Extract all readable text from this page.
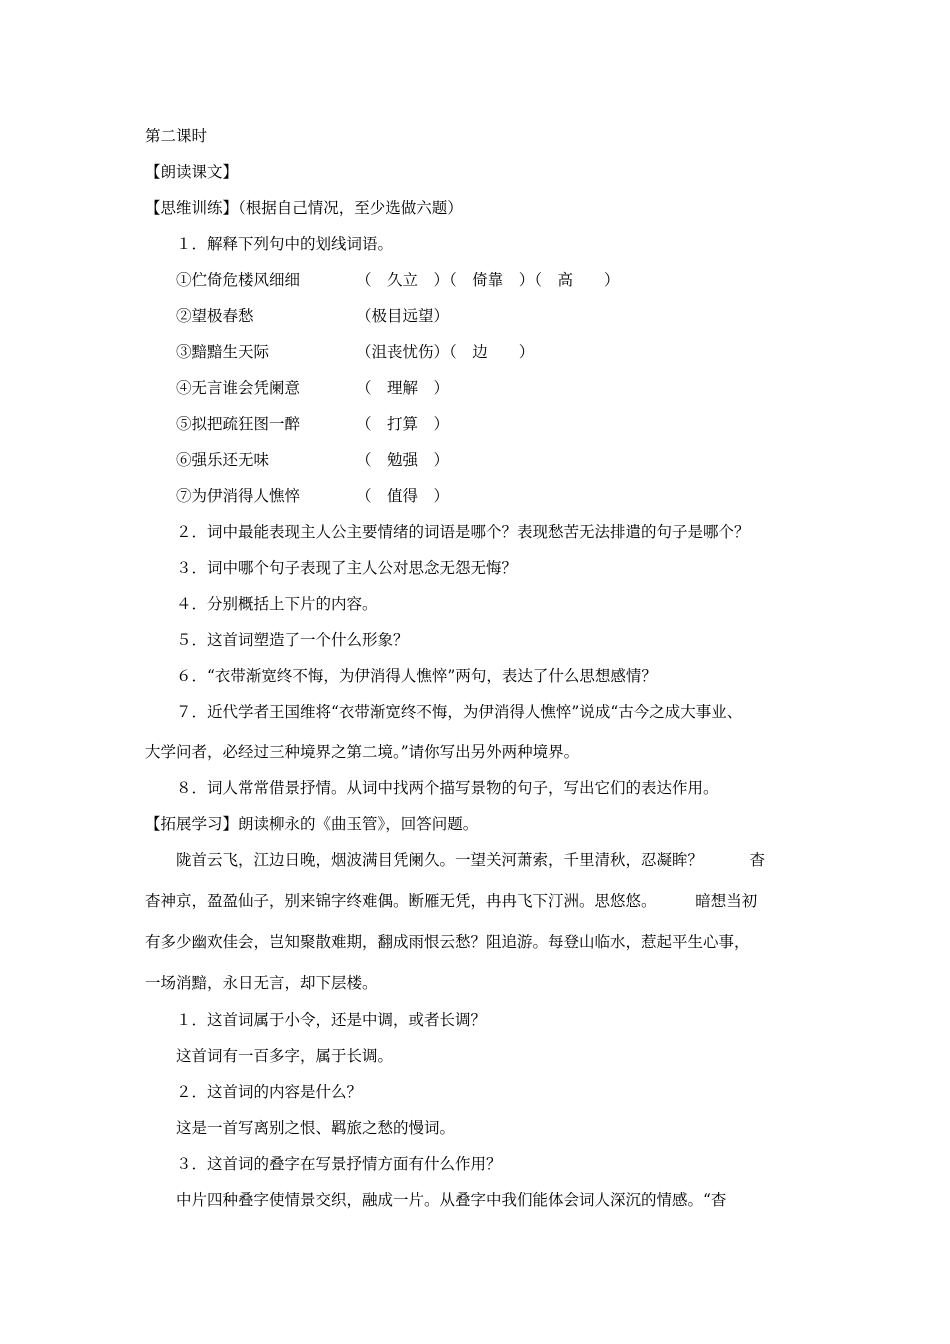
第二课时
【朗读课文】
【思维训练】（根据自己情况，至少选做六题）
１．解释下列句中的划线词语。
①伫倚危楼风细细	（　久立　）（　倚靠　）（　高　　）
②望极春愁	（极目远望）
③黯黯生天际	（沮丧忧伤）（　边　　）
④无言谁会凭阑意	（　理解　）
⑤拟把疏狂图一醉	（　打算　）
⑥强乐还无味	（　勉强　）
⑦为伊消得人憔悴	（　值得　）
２．词中最能表现主人公主要情绪的词语是哪个？表现愁苦无法排遣的句子是哪个？
３．词中哪个句子表现了主人公对思念无怨无悔？
４．分别概括上下片的内容。
５．这首词塑造了一个什么形象？
６．“衣带渐宽终不悔，为伊消得人憔悴”两句，表达了什么思想感情？
７．近代学者王国维将“衣带渐宽终不悔，为伊消得人憔悴”说成“古今之成大事业、
大学问者，必经过三种境界之第二境。”请你写出另外两种境界。
８．词人常常借景抒情。从词中找两个描写景物的句子，写出它们的表达作用。
【拓展学习】朗读柳永的《曲玉管》，回答问题。
陇首云飞，江边日晚，烟波满目凭阑久。一望关河萧索，千里清秋，忍凝眸？　　　杳
杳神京，盈盈仙子，别来锦字终难偶。断雁无凭，冉冉飞下汀洲。思悠悠。　　　暗想当初
有多少幽欢佳会，岂知聚散难期，翻成雨恨云愁？阻追游。每登山临水，惹起平生心事，
一场消黯，永日无言，却下层楼。
１．这首词属于小令，还是中调，或者长调？
这首词有一百多字，属于长调。
２．这首词的内容是什么？
这是一首写离别之恨、羁旅之愁的慢词。
３．这首词的叠字在写景抒情方面有什么作用？
中片四种叠字使情景交织，融成一片。从叠字中我们能体会词人深沉的情感。“杳
